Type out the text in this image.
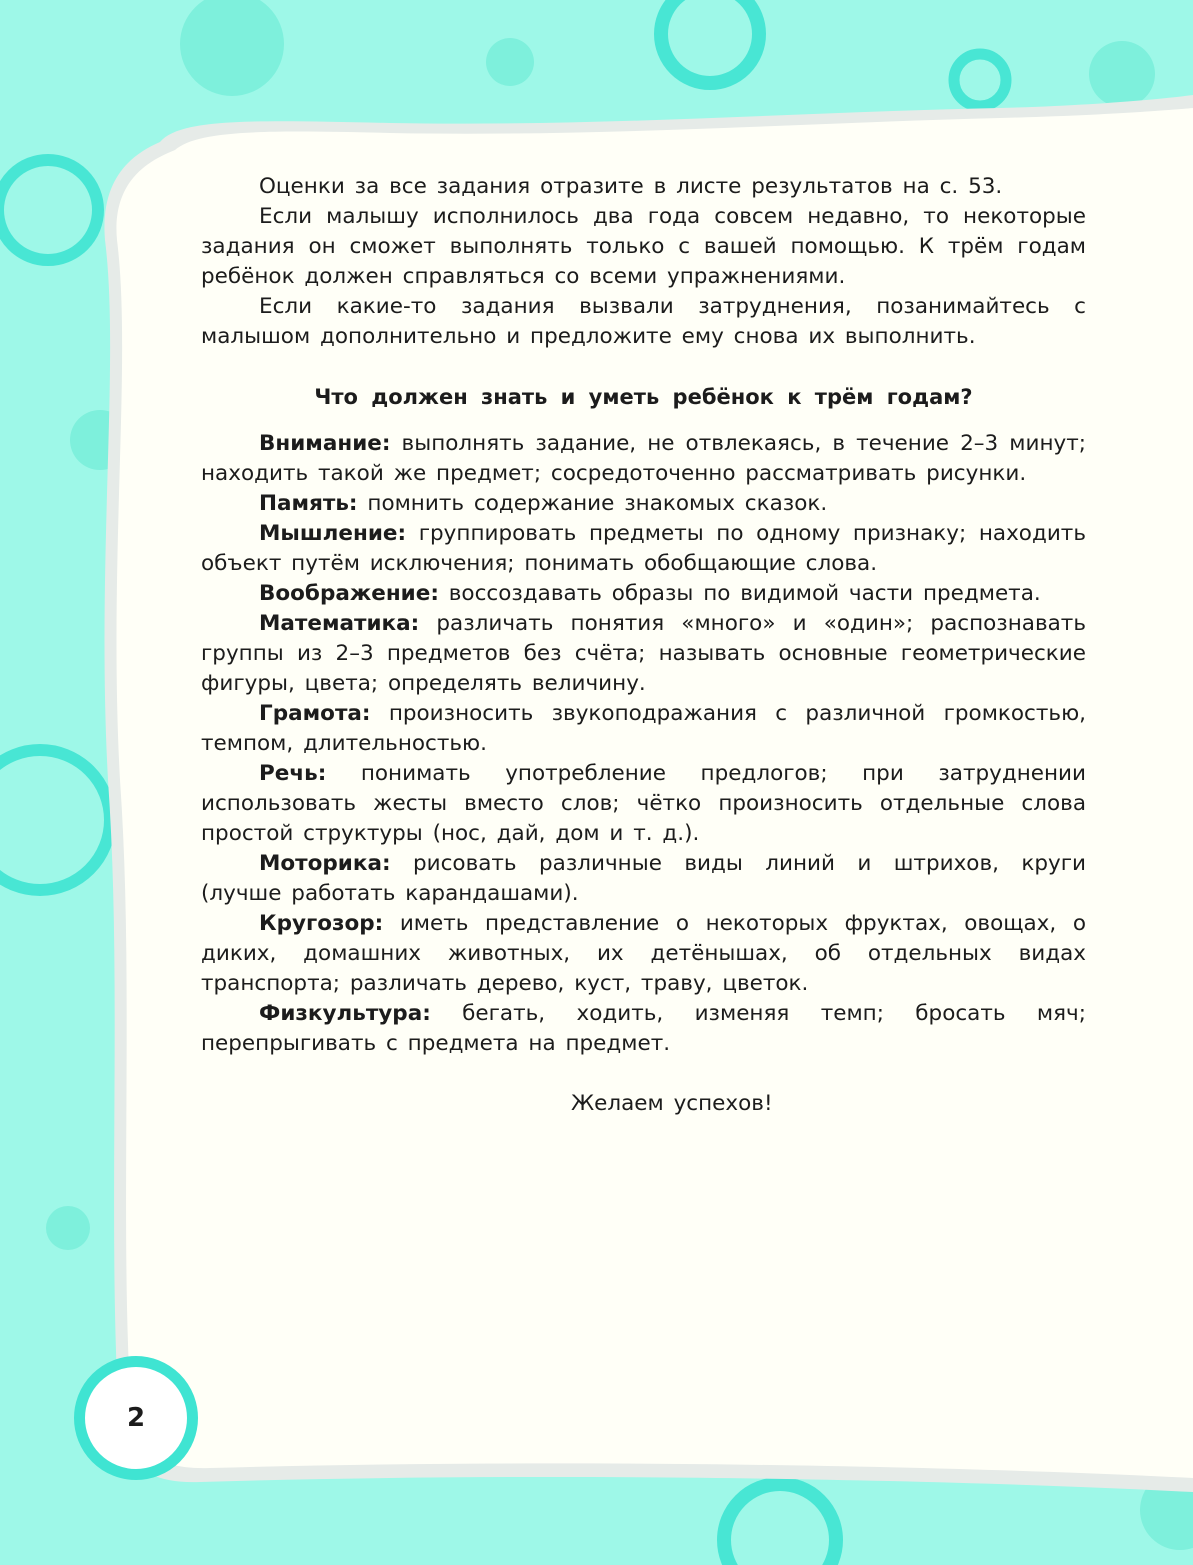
Оценки за все задания отразите в листе результатов на с. 53.

Если малышу исполнилось два года совсем недавно, то некоторые задания он сможет выполнять только с вашей помощью. К трём годам ребёнок должен справляться со всеми упражнениями.

Если какие-то задания вызвали затруднения, позанимайтесь с малышом дополнительно и предложите ему снова их выполнить.

Что должен знать и уметь ребёнок к трём годам?

Внимание: выполнять задание, не отвлекаясь, в течение 2–3 минут; находить такой же предмет; сосредоточенно рассматривать рисунки.

Память: помнить содержание знакомых сказок.

Мышление: группировать предметы по одному признаку; находить объект путём исключения; понимать обобщающие слова.

Воображение: воссоздавать образы по видимой части предмета.

Математика: различать понятия «много» и «один»; распознавать группы из 2–3 предметов без счёта; называть основные геометрические фигуры, цвета; определять величину.

Грамота: произносить звукоподражания с различной громкостью, темпом, длительностью.

Речь: понимать употребление предлогов; при затруднении использовать жесты вместо слов; чётко произносить отдельные слова простой структуры (нос, дай, дом и т. д.).

Моторика: рисовать различные виды линий и штрихов, круги (лучше работать карандашами).

Кругозор: иметь представление о некоторых фруктах, овощах, о диких, домашних животных, их детёнышах, об отдельных видах транспорта; различать дерево, куст, траву, цветок.

Физкультура: бегать, ходить, изменяя темп; бросать мяч; перепрыгивать с предмета на предмет.

Желаем успехов!

2
